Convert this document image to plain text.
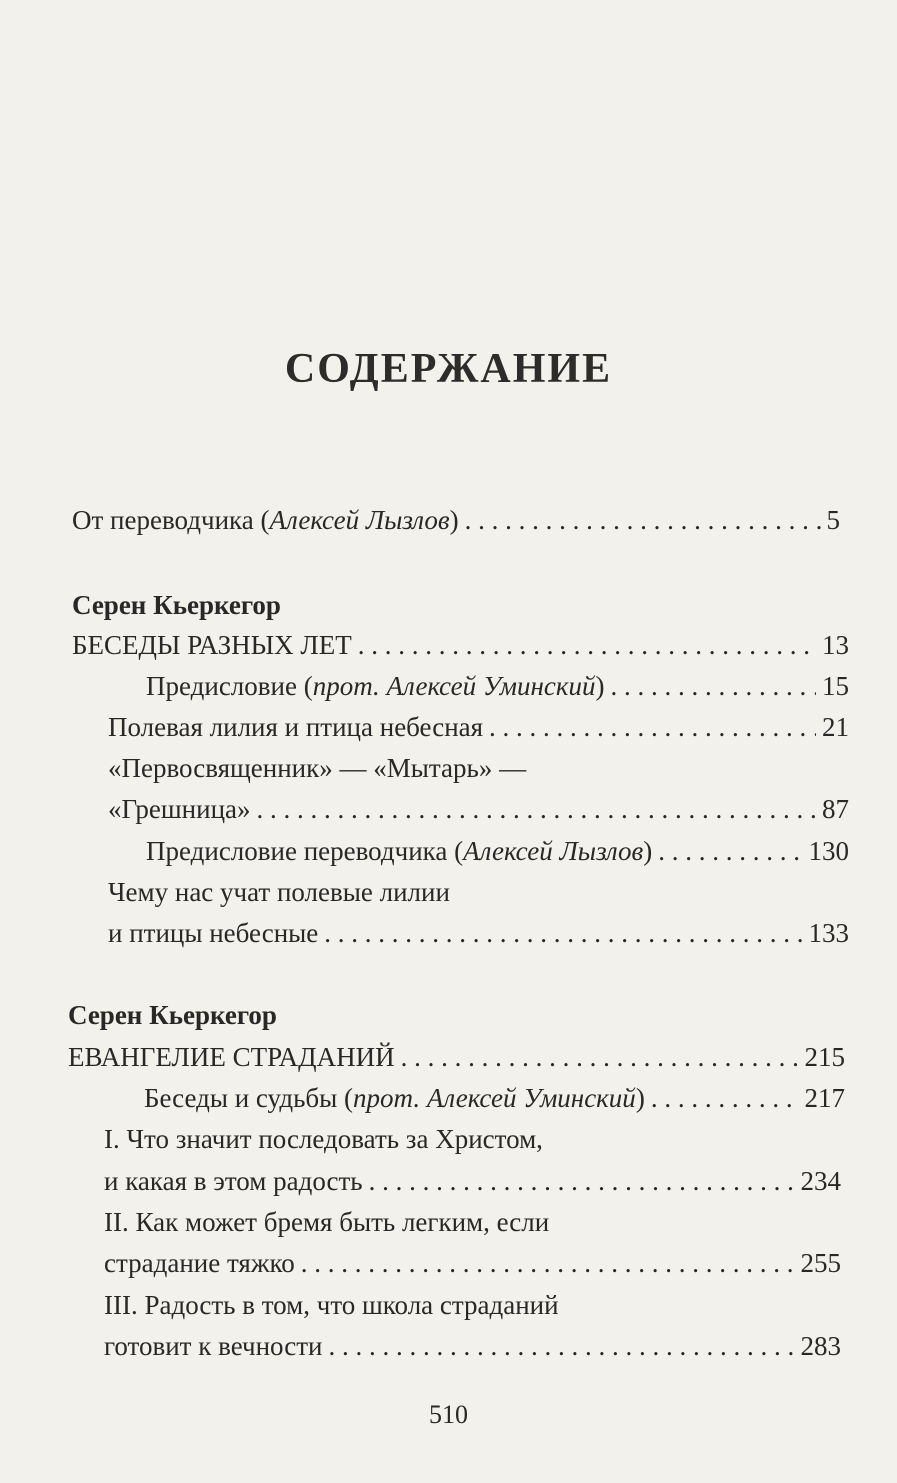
СОДЕРЖАНИЕ
От переводчика (Алексей Лызлов) . . .	5
Серен Кьеркегор
БЕСЕДЫ РАЗНЫХ ЛЕТ . . .	13
Предисловие (прот. Алексей Уминский) . . .	15
Полевая лилия и птица небесная . . .	21
«Первосвященник» — «Мытарь» —
«Грешница» . . .	87
Предисловие переводчика (Алексей Лызлов) . . .	130
Чему нас учат полевые лилии
и птицы небесные . . .	133
Серен Кьеркегор
ЕВАНГЕЛИЕ СТРАДАНИЙ . . .	215
Беседы и судьбы (прот. Алексей Уминский) . . .	217
I. Что значит последовать за Христом,
и какая в этом радость . . .	234
II. Как может бремя быть легким, если
страдание тяжко . . .	255
III. Радость в том, что школа страданий
готовит к вечности . . .	283
510
